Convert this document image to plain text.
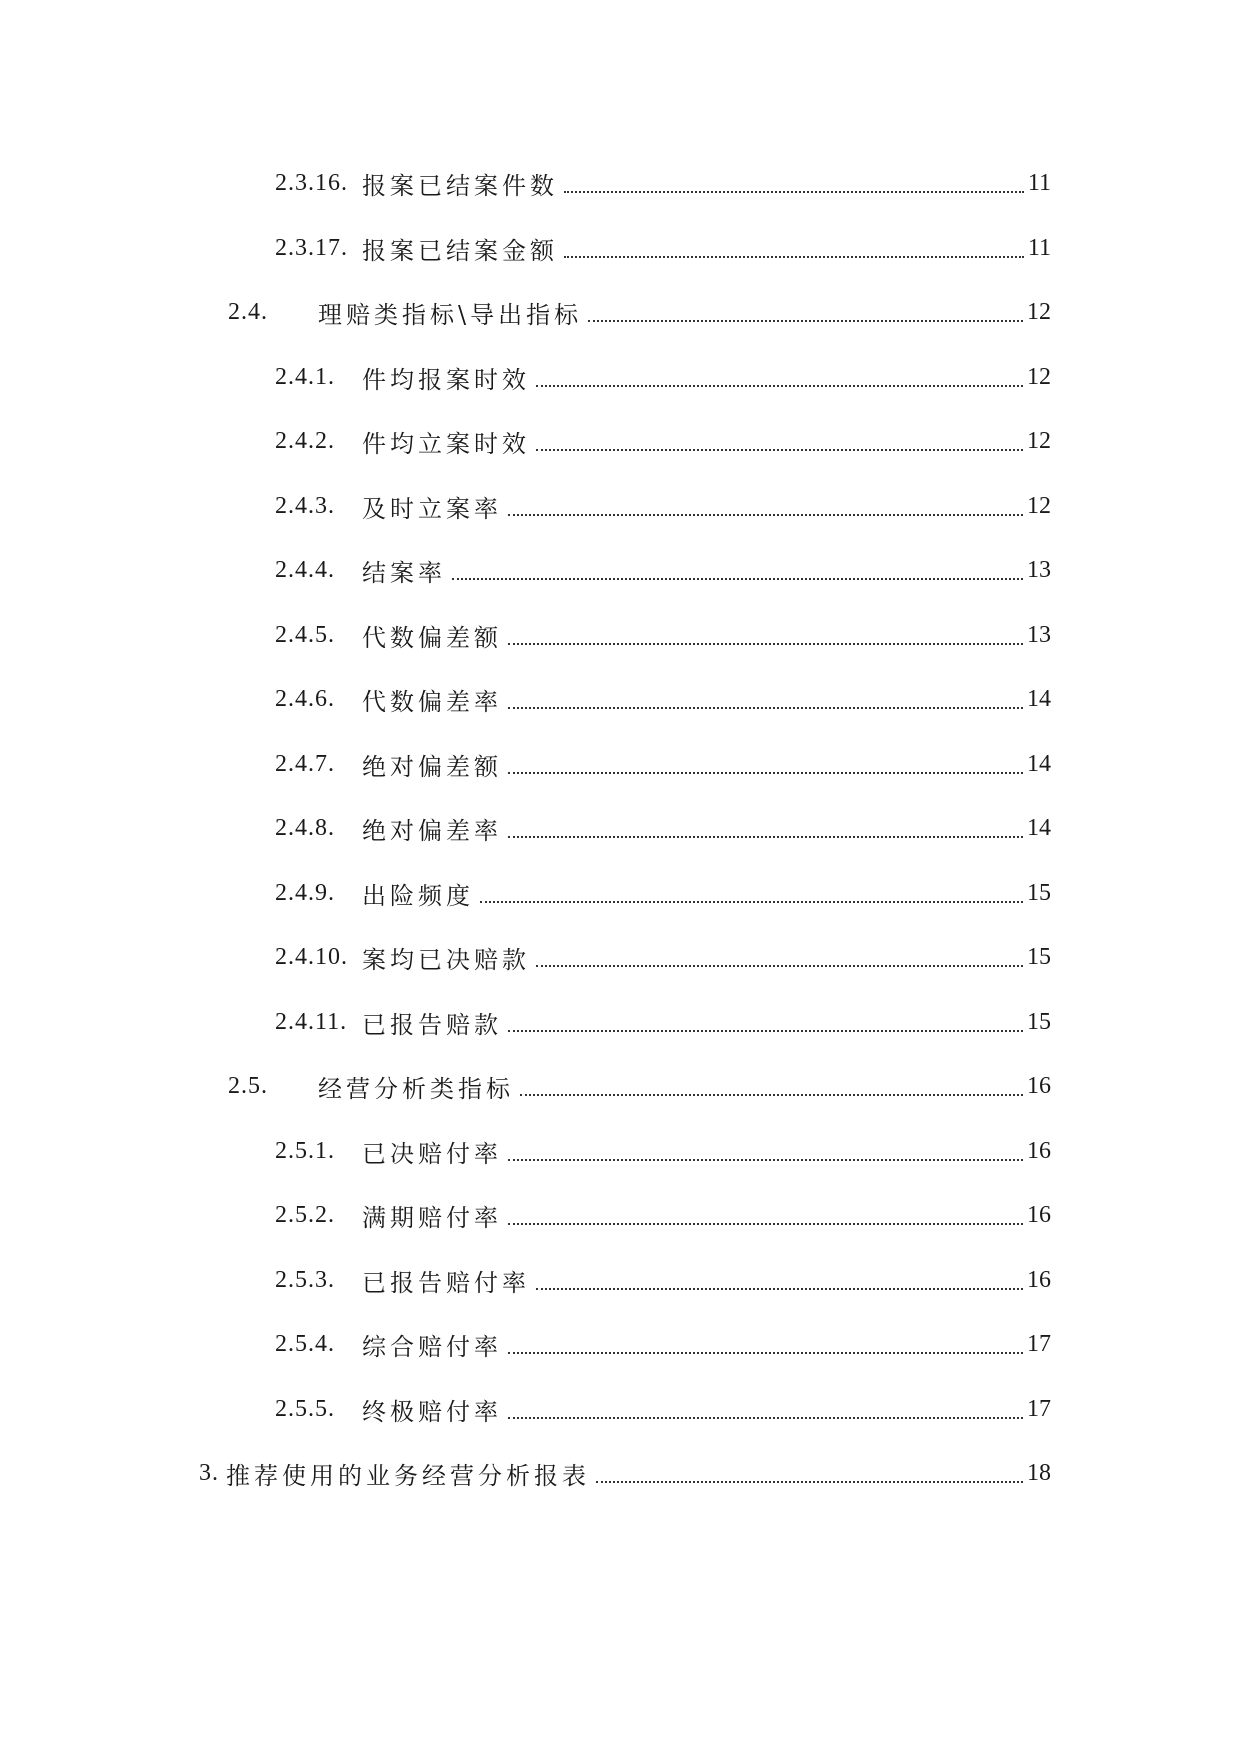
2.3.16. 报案已结案件数	11
2.3.17. 报案已结案金额	11
2.4.	理赔类指标\导出指标	12
2.4.1.	件均报案时效	12
2.4.2.	件均立案时效	12
2.4.3.	及时立案率	12
2.4.4.	结案率	13
2.4.5.	代数偏差额	13
2.4.6.	代数偏差率	14
2.4.7.	绝对偏差额	14
2.4.8.	绝对偏差率	14
2.4.9.	出险频度	15
2.4.10. 案均已决赔款	15
2.4.11. 已报告赔款	15
2.5.	经营分析类指标	16
2.5.1.	已决赔付率	16
2.5.2.	满期赔付率	16
2.5.3.	已报告赔付率	16
2.5.4.	综合赔付率	17
2.5.5.	终极赔付率	17
3. 推荐使用的业务经营分析报表	18
